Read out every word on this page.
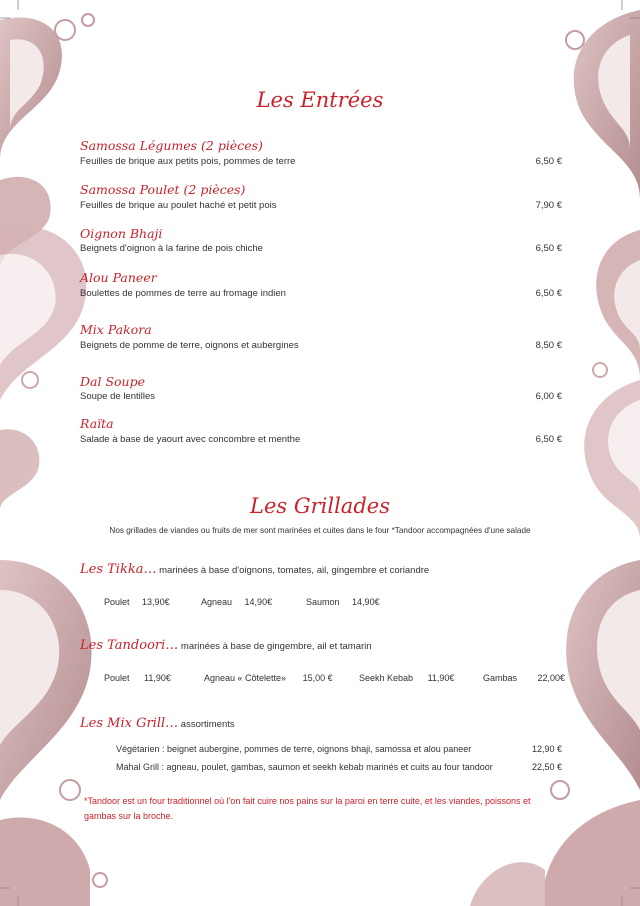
Les Entrées
Samossa Légumes (2 pièces)
Feuilles de brique aux petits pois, pommes de terre	6,50 €
Samossa Poulet (2 pièces)
Feuilles de brique au poulet haché et petit pois	7,90 €
Oignon Bhaji
Beignets d'oignon à la farine de pois chiche	6,50 €
Alou Paneer
Boulettes de pommes de terre au fromage indien	6,50 €
Mix Pakora
Beignets de pomme de terre, oignons et aubergines	8,50 €
Dal Soupe
Soupe de lentilles	6,00 €
Raïta
Salade à base de yaourt avec concombre et menthe	6,50 €
Les Grillades
Nos grillades de viandes ou fruits de mer sont marinées et cuites dans le four *Tandoor accompagnées d'une salade
Les Tikka… marinées à base d'oignons, tomates, ail, gingembre et coriandre
Poulet 13,90€	Agneau 14,90€	Saumon 14,90€
Les Tandoori… marinées à base de gingembre, ail et tamarin
Poulet 11,90€	Agneau « Côtelette» 15,00 €	Seekh Kebab 11,90€	Gambas 22,00€
Les Mix Grill… assortiments
Végétarien : beignet aubergine, pommes de terre, oignons bhaji, samossa et alou paneer	12,90 €
Mahal Grill : agneau, poulet, gambas, saumon et seekh kebab marinés et cuits au four tandoor	22,50 €
*Tandoor est un four traditionnel où l'on fait cuire nos pains sur la paroi en terre cuite, et les viandes, poissons et gambas sur la broche.
